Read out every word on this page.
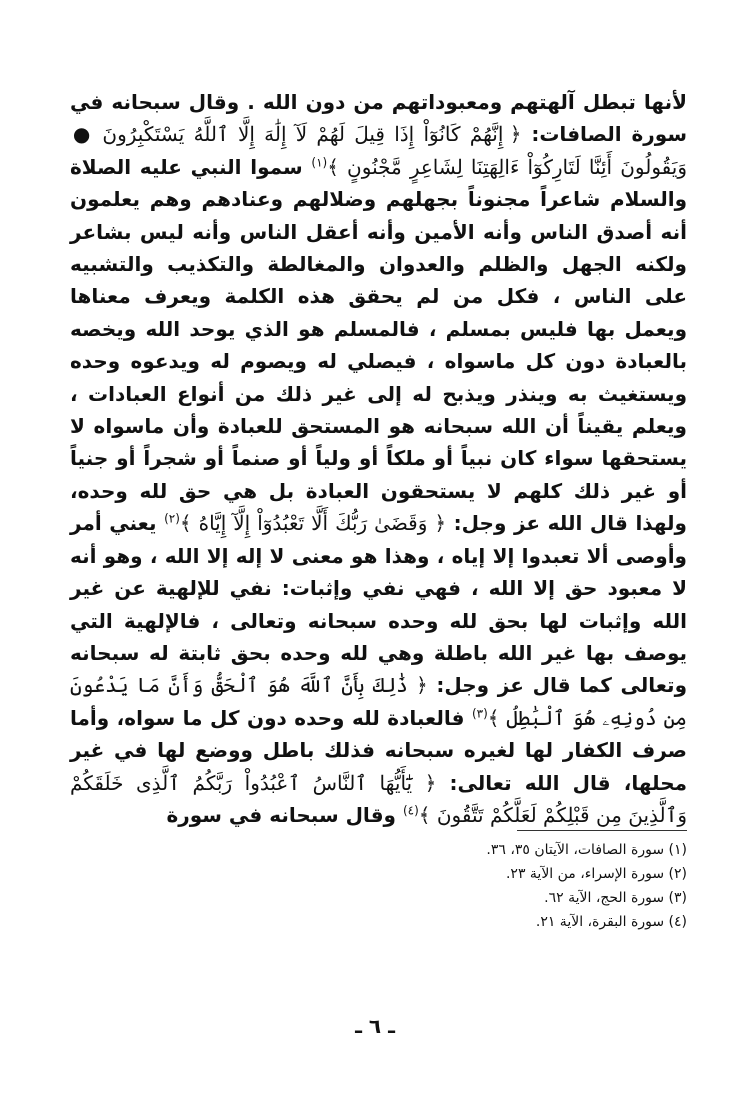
لأنها تبطل آلهتهم ومعبوداتهم من دون الله . وقال سبحانه في سورة الصافات: ﴿ إِنَّهُمْ كَانُوٓاْ إِذَا قِيلَ لَهُمْ لَآ إِلَٰهَ إِلَّا ٱللَّهُ يَسْتَكْبِرُونَ ● وَيَقُولُونَ أَئِنَّا لَتَارِكُوٓاْ ءَالِهَتِنَا لِشَاعِرٍ مَّجْنُونٍ ﴾$^{(١)}$ سموا النبي عليه الصلاة والسلام شاعراً مجنوناً بجهلهم وضلالهم وعنادهم وهم يعلمون أنه أصدق الناس وأنه الأمين وأنه أعقل الناس وأنه ليس بشاعر ولكنه الجهل والظلم والعدوان والمغالطة والتكذيب والتشبيه على الناس ، فكل من لم يحقق هذه الكلمة ويعرف معناها ويعمل بها فليس بمسلم ، فالمسلم هو الذي يوحد الله ويخصه بالعبادة دون كل ماسواه ، فيصلي له ويصوم له ويدعوه وحده ويستغيث به وينذر ويذبح له إلى غير ذلك من أنواع العبادات ، ويعلم يقيناً أن الله سبحانه هو المستحق للعبادة وأن ماسواه لا يستحقها سواء كان نبياً أو ملكاً أو ولياً أو صنماً أو شجراً أو جنياً أو غير ذلك كلهم لا يستحقون العبادة بل هي حق لله وحده، ولهذا قال الله عز وجل: ﴿ وَقَضَىٰ رَبُّكَ أَلَّا تَعْبُدُوٓاْ إِلَّآ إِيَّاهُ ﴾$^{(٢)}$ يعني أمر وأوصى ألا تعبدوا إلا إياه ، وهذا هو معنى لا إله إلا الله ، وهو أنه لا معبود حق إلا الله ، فهي نفي وإثبات: نفي للإلهية عن غير الله وإثبات لها بحق لله وحده سبحانه وتعالى ، فالإلهية التي يوصف بها غير الله باطلة وهي لله وحده بحق ثابتة له سبحانه وتعالى كما قال عز وجل: ﴿ ذَٰلِكَ بِأَنَّ ٱللَّهَ هُوَ ٱلْحَقُّ وَأَنَّ مَا يَدْعُونَ مِن دُونِهِۦ هُوَ ٱلْبَٰطِلُ ﴾$^{(٣)}$ فالعبادة لله وحده دون كل ما سواه، وأما صرف الكفار لها لغيره سبحانه فذلك باطل ووضع لها في غير محلها، قال الله تعالى: ﴿ يَٰٓأَيُّهَا ٱلنَّاسُ ٱعْبُدُواْ رَبَّكُمُ ٱلَّذِى خَلَقَكُمْ وَٱلَّذِينَ مِن قَبْلِكُمْ لَعَلَّكُمْ تَتَّقُونَ ﴾$^{(٤)}$ وقال سبحانه في سورة
(١) سورة الصافات، الآيتان ٣٥، ٣٦.
(٢) سورة الإسراء، من الآية ٢٣.
(٣) سورة الحج، الآية ٦٢.
(٤) سورة البقرة، الآية ٢١.
ـ ٦ ـ
